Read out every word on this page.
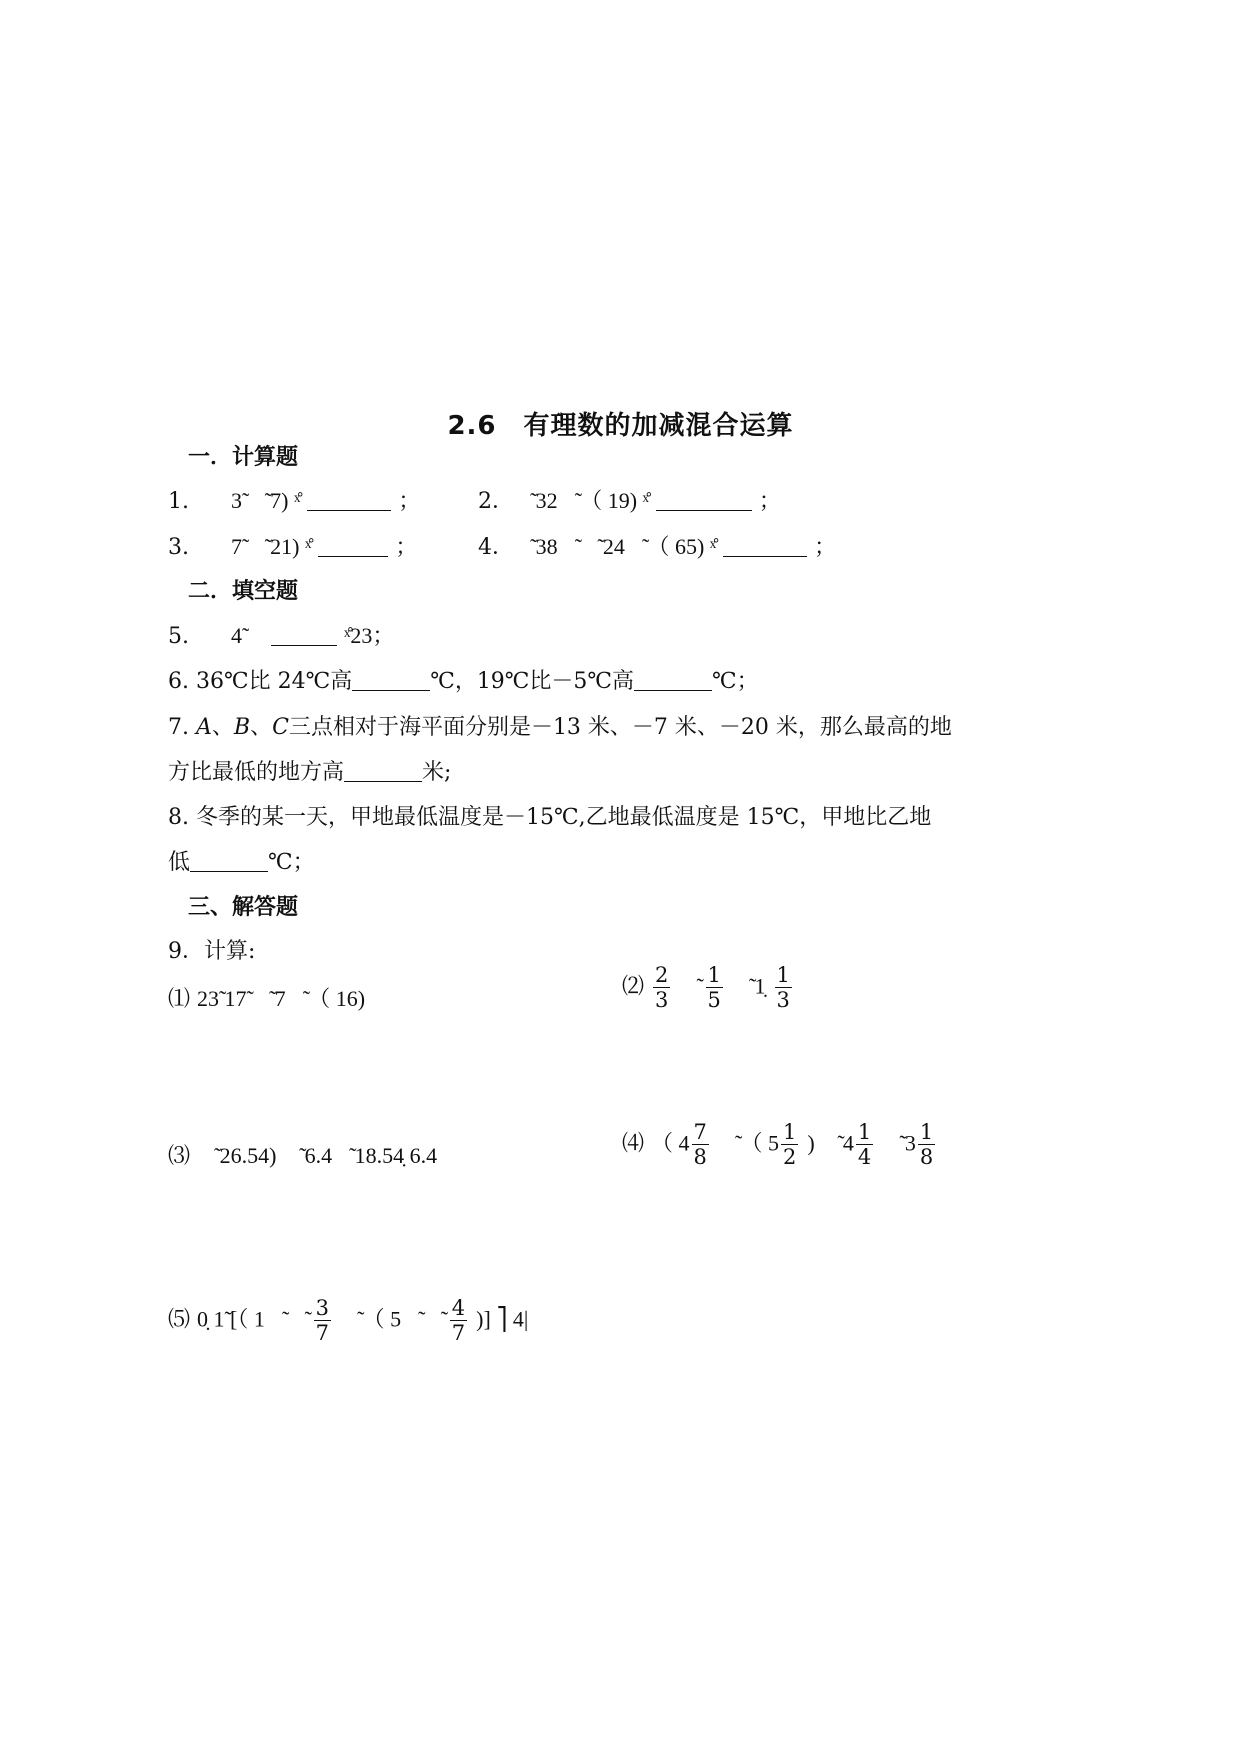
2.6　有理数的加减混合运算
一．计算题
1. 3̃ （̃ 7) ˣ̊	；	2． （̃ 32）̃ （ 19) ˣ̊	；
3. 7̃ （̃ 21) ˣ̊	；	4． （̃ 38）̃ （̃ 24）̃ （ 65) ˣ̊	；
二．填空题
5. 4̃	ˣ̊23；
6. 36℃比 24℃高	℃，19℃比－5℃高	℃；
7. A、B、C三点相对于海平面分别是－13 米、－7 米、－20 米，那么最高的地
方比最低的地方高	米;
8. 冬季的某一天，甲地最低温度是－15℃,乙地最低温度是 15℃，甲地比乙地
低	℃；
三、解答题
9．计算:
⑴ 23̃ 17̃ （̃ 7）̃ （ 16)	⑵ $\frac{2}{3}$ （̃ $\frac{1}{5}$ ）̃ 1̣ $\frac{1}{3}$
⑶ （̃ 26.54) （̃ 6.4）̃ 18.54̣ 6.4	⑷ （ $4 \frac{7}{8}$ ）̃ （ $5 \frac{1}{2}$ ) （̃ $4 \frac{1}{4}$ ）̃ $3 \frac{1}{8}$
⑸ 0̣ 1̃ [（ 1）̃ （̃ $\frac{3}{7}$ ）̃ （ 5）̃ （̃ $\frac{4}{7}$ )] ⎤ 4|
